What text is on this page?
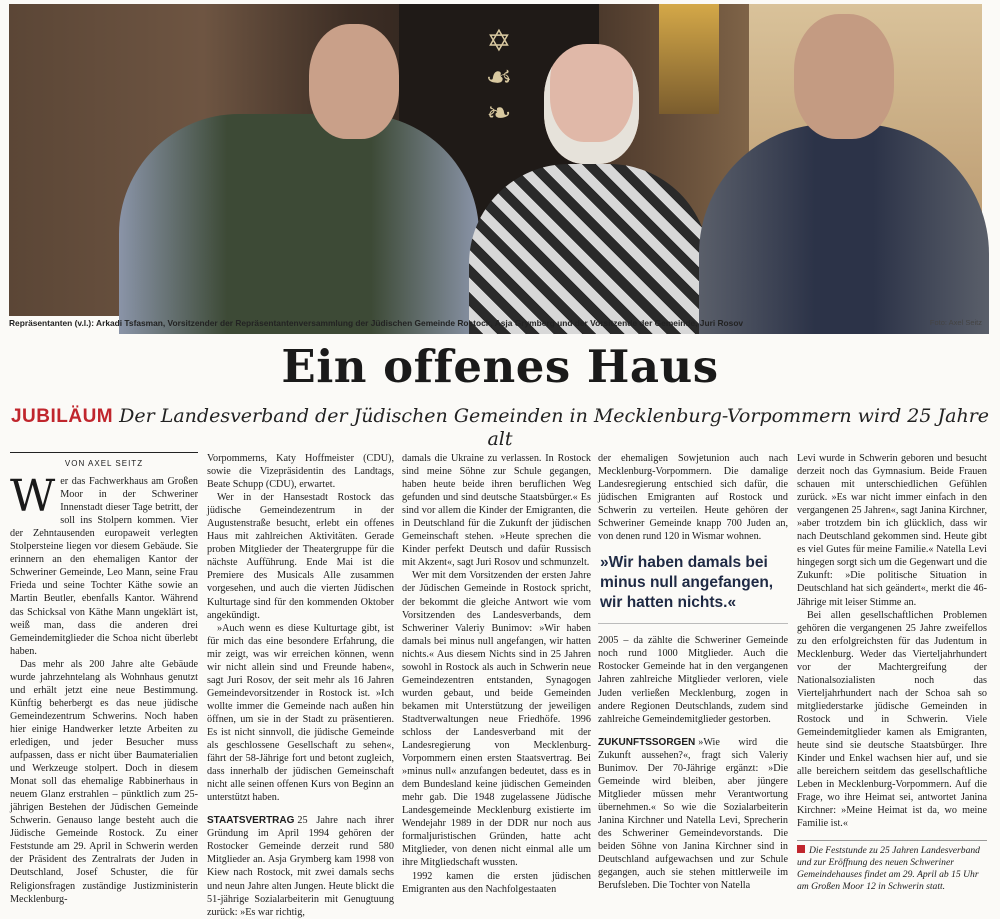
✡
☙
❧
Repräsentanten (v.l.): Arkadi Tsfasman, Vorsitzender der Repräsentantenversammlung der Jüdischen Gemeinde Rostock, Asja Grymberg und der Vorsitzende der Gemeinde, Juri Rosov	Foto: Axel Seitz
Ein offenes Haus
JUBILÄUM Der Landesverband der Jüdischen Gemeinden in Mecklenburg-Vorpommern wird 25 Jahre alt
VON AXEL SEITZ

Wer das Fachwerkhaus am Großen Moor in der Schweriner Innenstadt dieser Tage betritt, der soll ins Stolpern kommen. Vier der Zehntausenden europaweit verlegten Stolpersteine liegen vor diesem Gebäude. Sie erinnern an den ehemaligen Kantor der Schweriner Gemeinde, Leo Mann, seine Frau Frieda und seine Tochter Käthe sowie an Martin Beutler, ebenfalls Kantor. Während das Schicksal von Käthe Mann ungeklärt ist, weiß man, dass die anderen drei Gemeindemitglieder die Schoa nicht überlebt haben.

Das mehr als 200 Jahre alte Gebäude wurde jahrzehntelang als Wohnhaus genutzt und erhält jetzt eine neue Bestimmung. Künftig beherbergt es das neue jüdische Gemeindezentrum Schwerins. Noch haben hier einige Handwerker letzte Arbeiten zu erledigen, und jeder Besucher muss aufpassen, dass er nicht über Baumaterialien und Werkzeuge stolpert. Doch in diesem Monat soll das ehemalige Rabbinerhaus in neuem Glanz erstrahlen – pünktlich zum 25-jährigen Bestehen der Jüdischen Gemeinde Schwerin. Genauso lange besteht auch die Jüdische Gemeinde Rostock. Zu einer Feststunde am 29. April in Schwerin werden der Präsident des Zentralrats der Juden in Deutschland, Josef Schuster, die für Religionsfragen zuständige Justizministerin Mecklenburg-

Vorpommerns, Katy Hoffmeister (CDU), sowie die Vizepräsidentin des Landtags, Beate Schupp (CDU), erwartet.

Wer in der Hansestadt Rostock das jüdische Gemeindezentrum in der Augustenstraße besucht, erlebt ein offenes Haus mit zahlreichen Aktivitäten. Gerade proben Mitglieder der Theatergruppe für die nächste Aufführung. Ende Mai ist die Premiere des Musicals Alle zusammen vorgesehen, und auch die vierten Jüdischen Kulturtage sind für den kommenden Oktober angekündigt.

»Auch wenn es diese Kulturtage gibt, ist für mich das eine besondere Erfahrung, die mir zeigt, was wir erreichen können, wenn wir nicht allein sind und Freunde haben«, sagt Juri Rosov, der seit mehr als 16 Jahren Gemeindevorsitzender in Rostock ist. »Ich wollte immer die Gemeinde nach außen hin öffnen, um sie in der Stadt zu präsentieren. Es ist nicht sinnvoll, die jüdische Gemeinde als geschlossene Gesellschaft zu sehen«, fährt der 58-Jährige fort und betont zugleich, dass innerhalb der jüdischen Gemeinschaft nicht alle seinen offenen Kurs von Beginn an unterstützt haben.

STAATSVERTRAG 25 Jahre nach ihrer Gründung im April 1994 gehören der Rostocker Gemeinde derzeit rund 580 Mitglieder an. Asja Grymberg kam 1998 von Kiew nach Rostock, mit zwei damals sechs und neun Jahre alten Jungen. Heute blickt die 51-jährige Sozialarbeiterin mit Genugtuung zurück: »Es war richtig,

damals die Ukraine zu verlassen. In Rostock sind meine Söhne zur Schule gegangen, haben heute beide ihren beruflichen Weg gefunden und sind deutsche Staatsbürger.« Es sind vor allem die Kinder der Emigranten, die in Deutschland für die Zukunft der jüdischen Gemeinschaft stehen. »Heute sprechen die Kinder perfekt Deutsch und dafür Russisch mit Akzent«, sagt Juri Rosov und schmunzelt.

Wer mit dem Vorsitzenden der ersten Jahre der Jüdischen Gemeinde in Rostock spricht, der bekommt die gleiche Antwort wie vom Vorsitzenden des Landesverbands, dem Schweriner Valeriy Bunimov: »Wir haben damals bei minus null angefangen, wir hatten nichts.« Aus diesem Nichts sind in 25 Jahren sowohl in Rostock als auch in Schwerin neue Gemeindezentren entstanden, Synagogen wurden gebaut, und beide Gemeinden bekamen mit Unterstützung der jeweiligen Stadtverwaltungen neue Friedhöfe. 1996 schloss der Landesverband mit der Landesregierung von Mecklenburg-Vorpommern einen ersten Staatsvertrag. Bei »minus null« anzufangen bedeutet, dass es in dem Bundesland keine jüdischen Gemeinden mehr gab. Die 1948 zugelassene Jüdische Landesgemeinde Mecklenburg existierte im Wendejahr 1989 in der DDR nur noch aus formaljuristischen Gründen, hatte acht Mitglieder, von denen nicht einmal alle um ihre Mitgliedschaft wussten.

1992 kamen die ersten jüdischen Emigranten aus den Nachfolgestaaten

der ehemaligen Sowjetunion auch nach Mecklenburg-Vorpommern. Die damalige Landesregierung entschied sich dafür, die jüdischen Emigranten auf Rostock und Schwerin zu verteilen. Heute gehören der Schweriner Gemeinde knapp 700 Juden an, von denen rund 120 in Wismar wohnen.

»Wir haben damals bei minus null angefangen, wir hatten nichts.«

2005 – da zählte die Schweriner Gemeinde noch rund 1000 Mitglieder. Auch die Rostocker Gemeinde hat in den vergangenen Jahren zahlreiche Mitglieder verloren, viele Juden verließen Mecklenburg, zogen in andere Regionen Deutschlands, zudem sind zahlreiche Gemeindemitglieder gestorben.

ZUKUNFTSSORGEN »Wie wird die Zukunft aussehen?«, fragt sich Valeriy Bunimov. Der 70-Jährige ergänzt: »Die Gemeinde wird bleiben, aber jüngere Mitglieder müssen mehr Verantwortung übernehmen.« So wie die Sozialarbeiterin Janina Kirchner und Natella Levi, Sprecherin des Schweriner Gemeindevorstands. Die beiden Söhne von Janina Kirchner sind in Deutschland aufgewachsen und zur Schule gegangen, auch sie stehen mittlerweile im Berufsleben. Die Tochter von Natella

Levi wurde in Schwerin geboren und besucht derzeit noch das Gymnasium. Beide Frauen schauen mit unterschiedlichen Gefühlen zurück. »Es war nicht immer einfach in den vergangenen 25 Jahren«, sagt Janina Kirchner, »aber trotzdem bin ich glücklich, dass wir nach Deutschland gekommen sind. Heute gibt es viel Gutes für meine Familie.« Natella Levi hingegen sorgt sich um die Gegenwart und die Zukunft: »Die politische Situation in Deutschland hat sich geändert«, merkt die 46-Jährige mit leiser Stimme an.

Bei allen gesellschaftlichen Problemen gehören die vergangenen 25 Jahre zweifellos zu den erfolgreichsten für das Judentum in Mecklenburg. Weder das Vierteljahrhundert vor der Machtergreifung der Nationalsozialisten noch das Vierteljahrhundert nach der Schoa sah so mitgliederstarke jüdische Gemeinden in Rostock und in Schwerin. Viele Gemeindemitglieder kamen als Emigranten, heute sind sie deutsche Staatsbürger. Ihre Kinder und Enkel wachsen hier auf, und sie alle bereichern seitdem das gesellschaftliche Leben in Mecklenburg-Vorpommern. Auf die Frage, wo ihre Heimat sei, antwortet Janina Kirchner: »Meine Heimat ist da, wo meine Familie ist.«

Die Feststunde zu 25 Jahren Landesverband und zur Eröffnung des neuen Schweriner Gemeindehauses findet am 29. April ab 15 Uhr am Großen Moor 12 in Schwerin statt.
